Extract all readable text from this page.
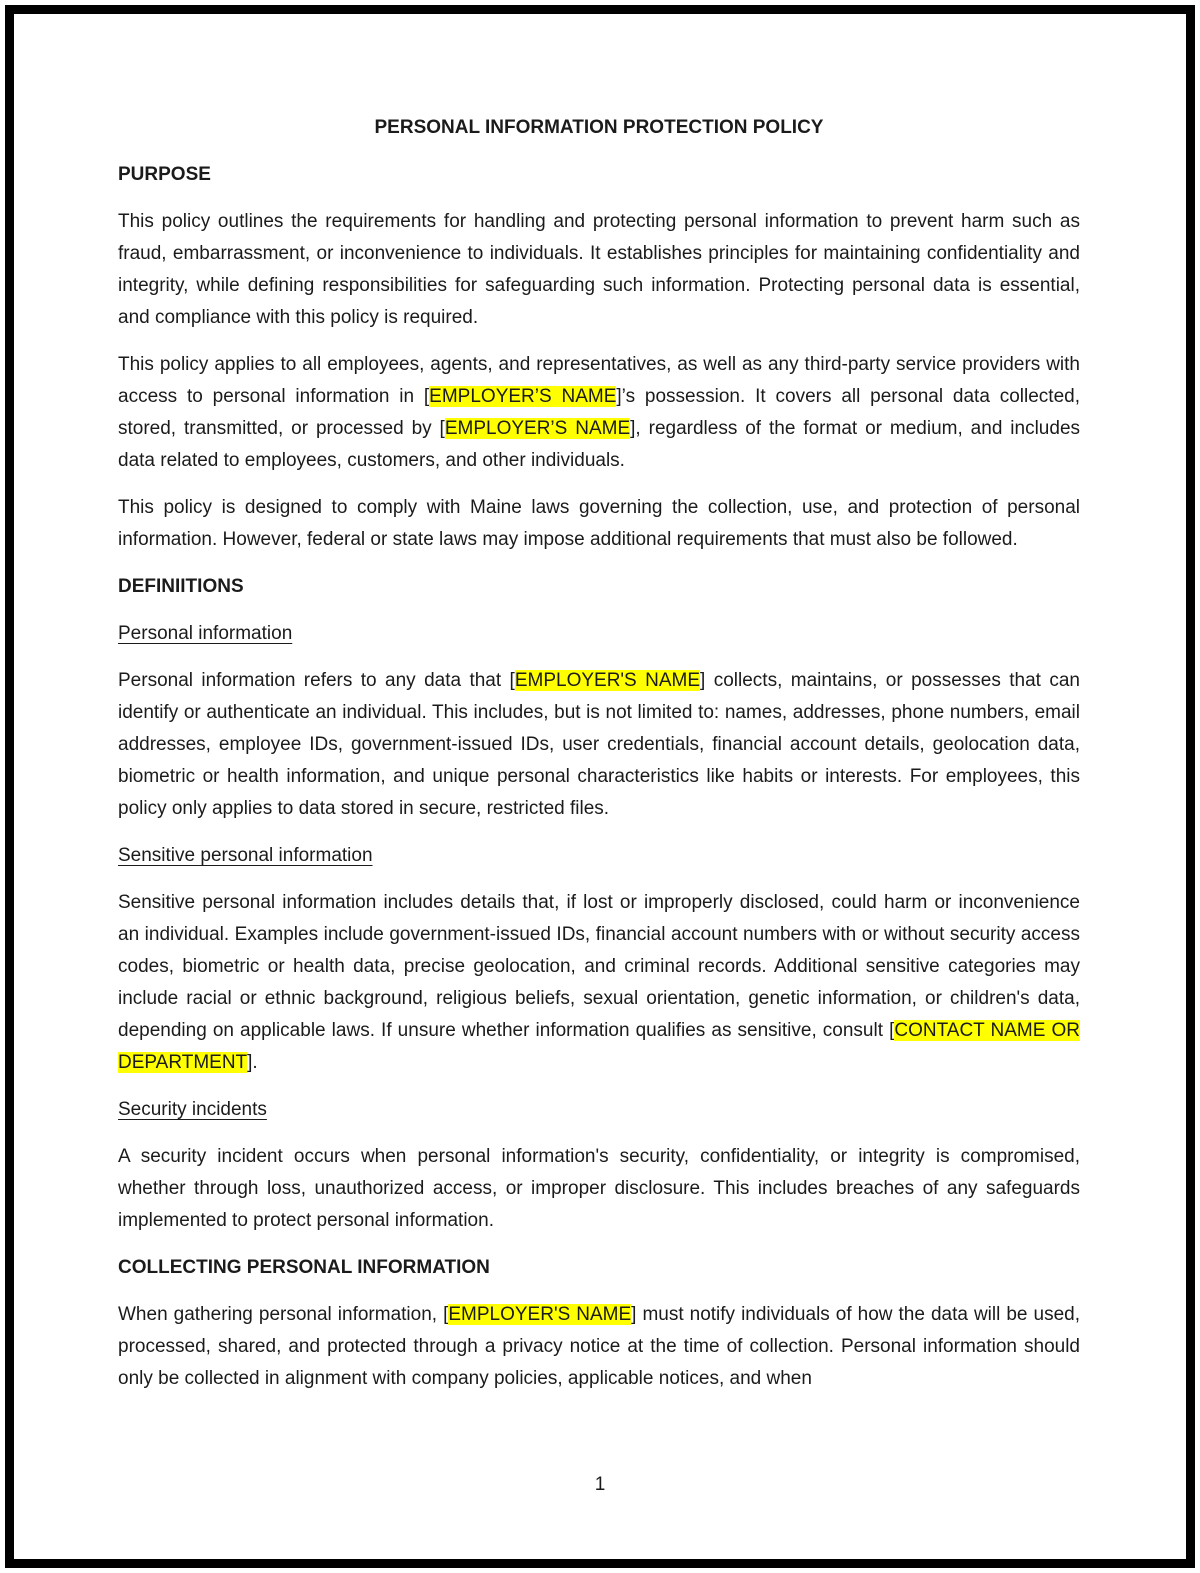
PERSONAL INFORMATION PROTECTION POLICY
PURPOSE

This policy outlines the requirements for handling and protecting personal information to prevent harm such as fraud, embarrassment, or inconvenience to individuals. It establishes principles for maintaining confidentiality and integrity, while defining responsibilities for safeguarding such information. Protecting personal data is essential, and compliance with this policy is required.

This policy applies to all employees, agents, and representatives, as well as any third-party service providers with access to personal information in [EMPLOYER’S NAME]’s possession. It covers all personal data collected, stored, transmitted, or processed by [EMPLOYER’S NAME], regardless of the format or medium, and includes data related to employees, customers, and other individuals.

This policy is designed to comply with Maine laws governing the collection, use, and protection of personal information. However, federal or state laws may impose additional requirements that must also be followed.

DEFINIITIONS
Personal information

Personal information refers to any data that [EMPLOYER'S NAME] collects, maintains, or possesses that can identify or authenticate an individual. This includes, but is not limited to: names, addresses, phone numbers, email addresses, employee IDs, government-issued IDs, user credentials, financial account details, geolocation data, biometric or health information, and unique personal characteristics like habits or interests. For employees, this policy only applies to data stored in secure, restricted files.

Sensitive personal information

Sensitive personal information includes details that, if lost or improperly disclosed, could harm or inconvenience an individual. Examples include government-issued IDs, financial account numbers with or without security access codes, biometric or health data, precise geolocation, and criminal records. Additional sensitive categories may include racial or ethnic background, religious beliefs, sexual orientation, genetic information, or children's data, depending on applicable laws. If unsure whether information qualifies as sensitive, consult [CONTACT NAME OR DEPARTMENT].

Security incidents

A security incident occurs when personal information's security, confidentiality, or integrity is compromised, whether through loss, unauthorized access, or improper disclosure. This includes breaches of any safeguards implemented to protect personal information.

COLLECTING PERSONAL INFORMATION

When gathering personal information, [EMPLOYER'S NAME] must notify individuals of how the data will be used, processed, shared, and protected through a privacy notice at the time of collection. Personal information should only be collected in alignment with company policies, applicable notices, and when

1
